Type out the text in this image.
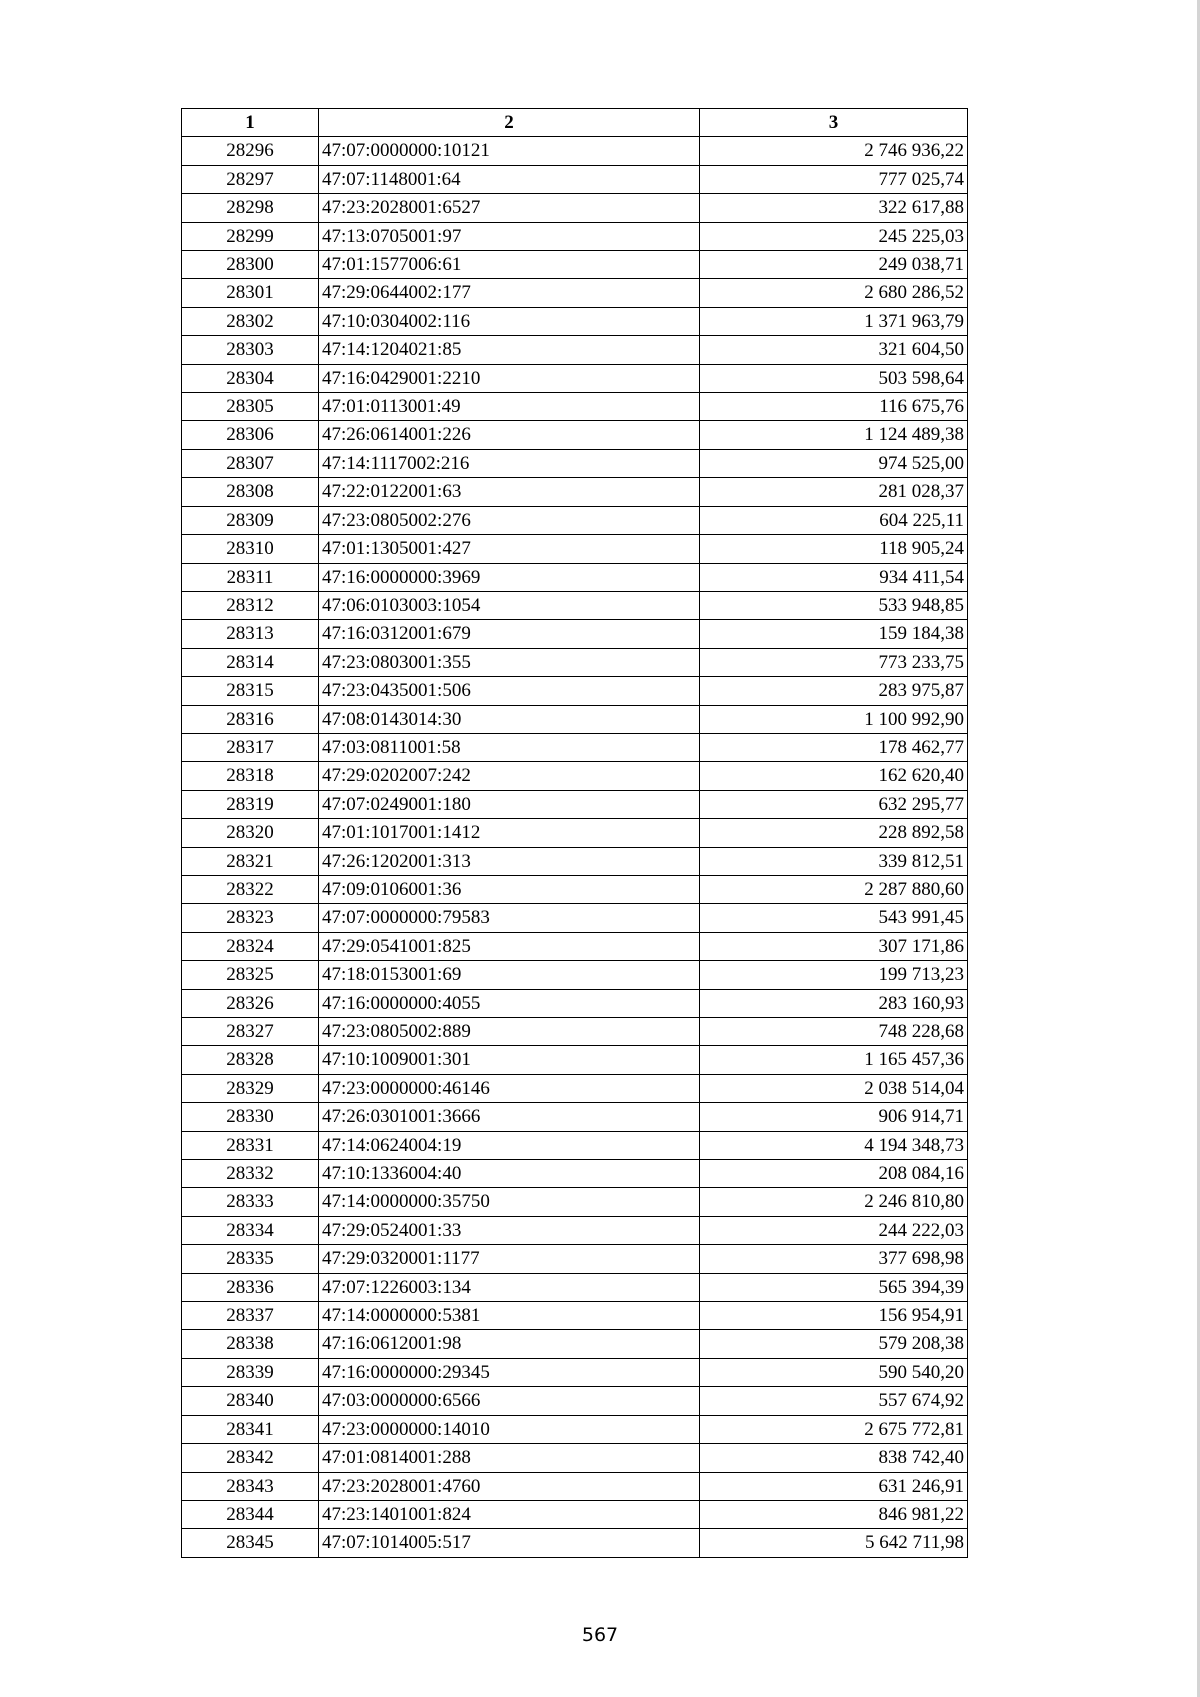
1	2	3
28296	47:07:0000000:10121	2 746 936,22
28297	47:07:1148001:64	777 025,74
28298	47:23:2028001:6527	322 617,88
28299	47:13:0705001:97	245 225,03
28300	47:01:1577006:61	249 038,71
28301	47:29:0644002:177	2 680 286,52
28302	47:10:0304002:116	1 371 963,79
28303	47:14:1204021:85	321 604,50
28304	47:16:0429001:2210	503 598,64
28305	47:01:0113001:49	116 675,76
28306	47:26:0614001:226	1 124 489,38
28307	47:14:1117002:216	974 525,00
28308	47:22:0122001:63	281 028,37
28309	47:23:0805002:276	604 225,11
28310	47:01:1305001:427	118 905,24
28311	47:16:0000000:3969	934 411,54
28312	47:06:0103003:1054	533 948,85
28313	47:16:0312001:679	159 184,38
28314	47:23:0803001:355	773 233,75
28315	47:23:0435001:506	283 975,87
28316	47:08:0143014:30	1 100 992,90
28317	47:03:0811001:58	178 462,77
28318	47:29:0202007:242	162 620,40
28319	47:07:0249001:180	632 295,77
28320	47:01:1017001:1412	228 892,58
28321	47:26:1202001:313	339 812,51
28322	47:09:0106001:36	2 287 880,60
28323	47:07:0000000:79583	543 991,45
28324	47:29:0541001:825	307 171,86
28325	47:18:0153001:69	199 713,23
28326	47:16:0000000:4055	283 160,93
28327	47:23:0805002:889	748 228,68
28328	47:10:1009001:301	1 165 457,36
28329	47:23:0000000:46146	2 038 514,04
28330	47:26:0301001:3666	906 914,71
28331	47:14:0624004:19	4 194 348,73
28332	47:10:1336004:40	208 084,16
28333	47:14:0000000:35750	2 246 810,80
28334	47:29:0524001:33	244 222,03
28335	47:29:0320001:1177	377 698,98
28336	47:07:1226003:134	565 394,39
28337	47:14:0000000:5381	156 954,91
28338	47:16:0612001:98	579 208,38
28339	47:16:0000000:29345	590 540,20
28340	47:03:0000000:6566	557 674,92
28341	47:23:0000000:14010	2 675 772,81
28342	47:01:0814001:288	838 742,40
28343	47:23:2028001:4760	631 246,91
28344	47:23:1401001:824	846 981,22
28345	47:07:1014005:517	5 642 711,98
567
